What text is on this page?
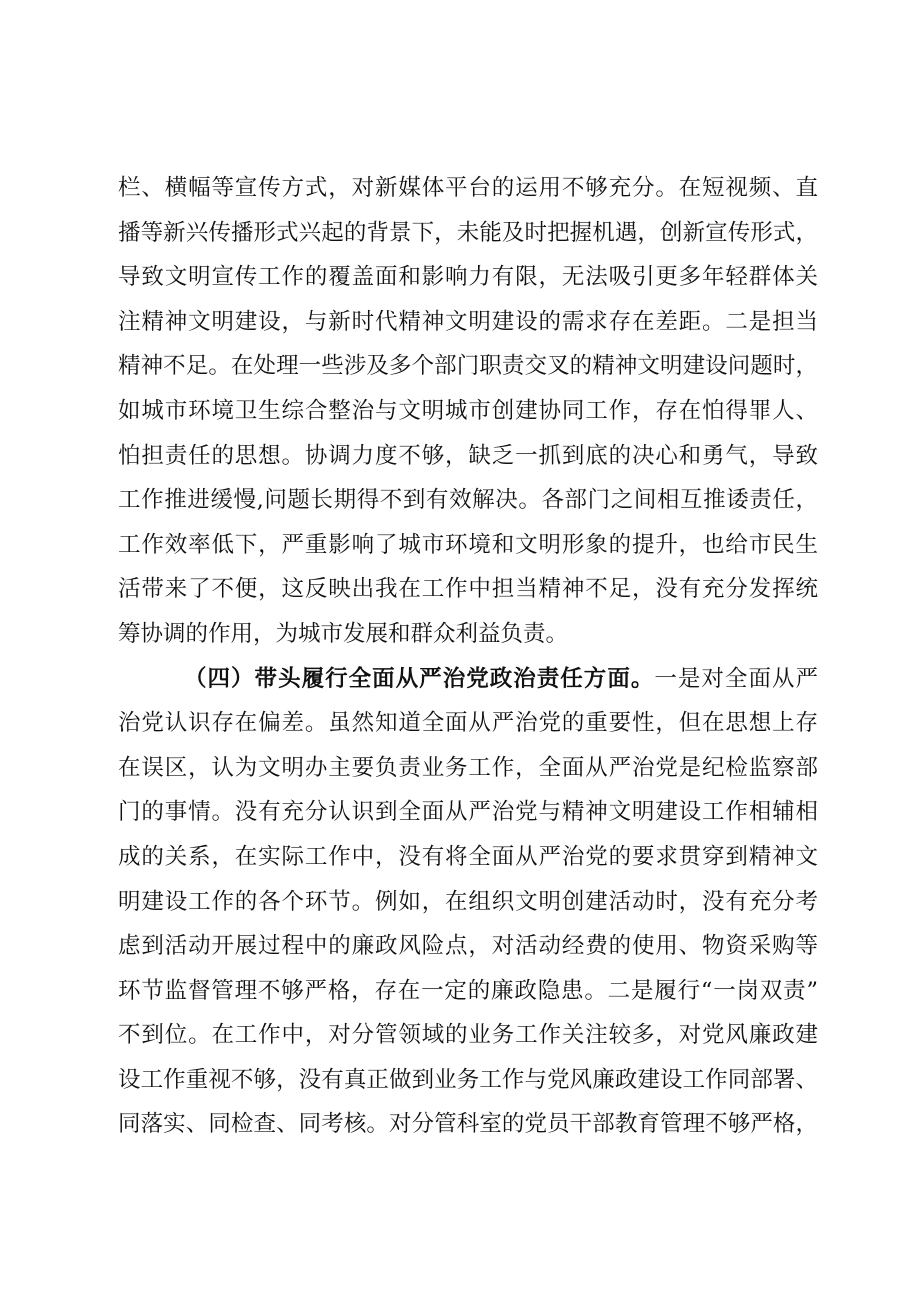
栏、横幅等宣传方式，对新媒体平台的运用不够充分。在短视频、直
播等新兴传播形式兴起的背景下，未能及时把握机遇，创新宣传形式，
导致文明宣传工作的覆盖面和影响力有限，无法吸引更多年轻群体关
注精神文明建设，与新时代精神文明建设的需求存在差距。二是担当
精神不足。在处理一些涉及多个部门职责交叉的精神文明建设问题时，
如城市环境卫生综合整治与文明城市创建协同工作，存在怕得罪人、
怕担责任的思想。协调力度不够，缺乏一抓到底的决心和勇气，导致
工作推进缓慢,问题长期得不到有效解决。各部门之间相互推诿责任，
工作效率低下，严重影响了城市环境和文明形象的提升，也给市民生
活带来了不便，这反映出我在工作中担当精神不足，没有充分发挥统
筹协调的作用，为城市发展和群众利益负责。
（四）带头履行全面从严治党政治责任方面。一是对全面从严
治党认识存在偏差。虽然知道全面从严治党的重要性，但在思想上存
在误区，认为文明办主要负责业务工作，全面从严治党是纪检监察部
门的事情。没有充分认识到全面从严治党与精神文明建设工作相辅相
成的关系，在实际工作中，没有将全面从严治党的要求贯穿到精神文
明建设工作的各个环节。例如，在组织文明创建活动时，没有充分考
虑到活动开展过程中的廉政风险点，对活动经费的使用、物资采购等
环节监督管理不够严格，存在一定的廉政隐患。二是履行“一岗双责”
不到位。在工作中，对分管领域的业务工作关注较多，对党风廉政建
设工作重视不够，没有真正做到业务工作与党风廉政建设工作同部署、
同落实、同检查、同考核。对分管科室的党员干部教育管理不够严格，
